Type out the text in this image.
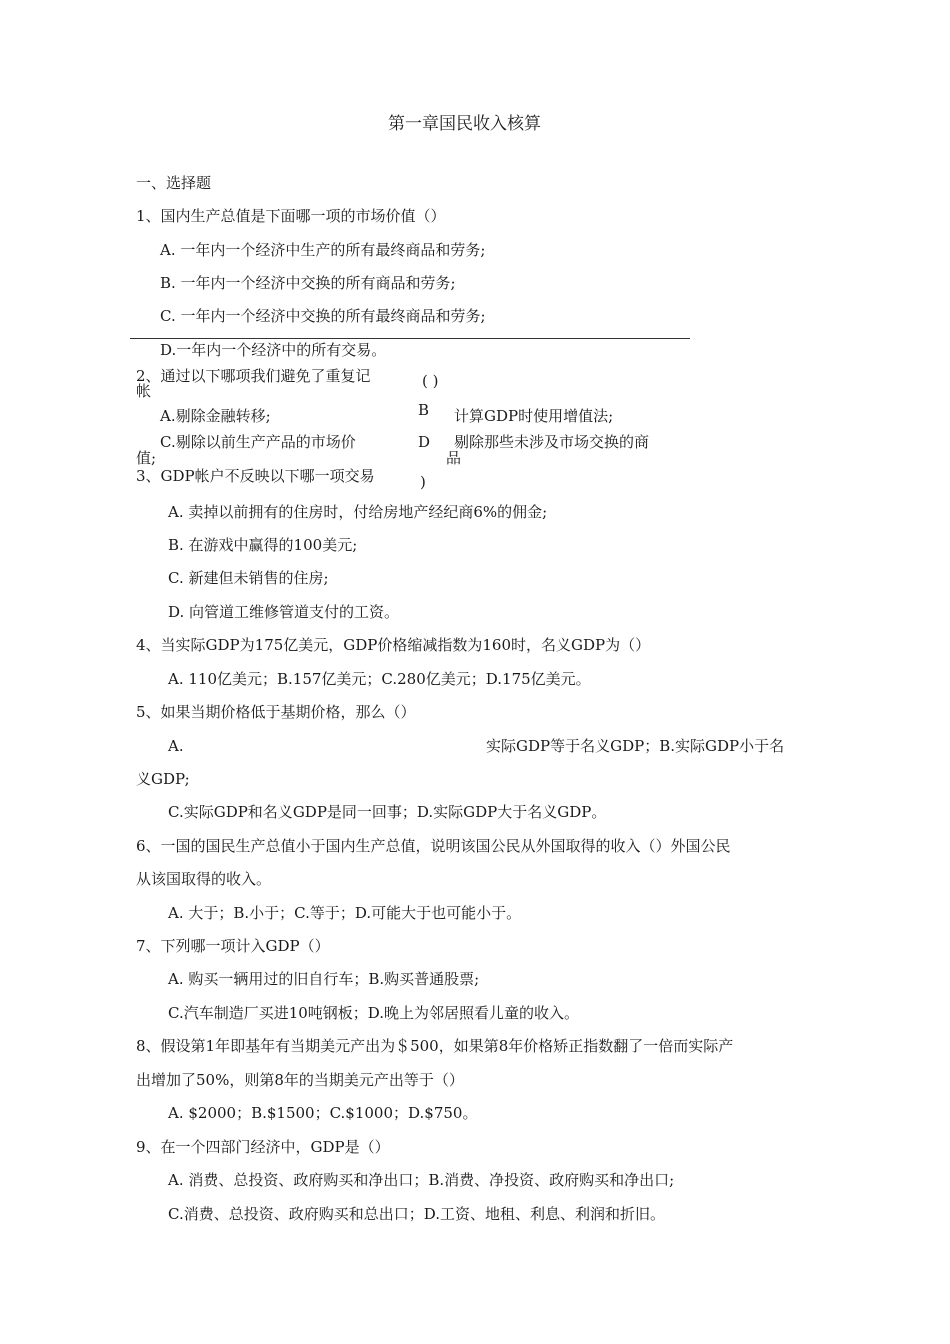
第一章国民收入核算
一、选择题
1、国内生产总值是下面哪一项的市场价值（）
A. 一年内一个经济中生产的所有最终商品和劳务;
B. 一年内一个经济中交换的所有商品和劳务;
C. 一年内一个经济中交换的所有最终商品和劳务;
D.一年内一个经济中的所有交易。
2、通过以下哪项我们避免了重复记	( )
帐
A.剔除金融转移;	B 计算GDP时使用增值法;
C.剔除以前生产产品的市场价
值;
D 剔除那些未涉及市场交换的商
品
3、GDP帐户不反映以下哪一项交易	)
A. 卖掉以前拥有的住房时，付给房地产经纪商6%的佣金;
B. 在游戏中赢得的100美元;
C. 新建但未销售的住房;
D. 向管道工维修管道支付的工资。
4、当实际GDP为175亿美元，GDP价格缩减指数为160时，名义GDP为（）
A. 110亿美元；B.157亿美元；C.280亿美元；D.175亿美元。
5、如果当期价格低于基期价格，那么（）
A.	实际GDP等于名义GDP；B.实际GDP小于名
义GDP;
C.实际GDP和名义GDP是同一回事；D.实际GDP大于名义GDP。
6、一国的国民生产总值小于国内生产总值，说明该国公民从外国取得的收入（）外国公民
从该国取得的收入。
A. 大于；B.小于；C.等于；D.可能大于也可能小于。
7、下列哪一项计入GDP（）
A. 购买一辆用过的旧自行车；B.购买普通股票;
C.汽车制造厂买进10吨钢板；D.晚上为邻居照看儿童的收入。
8、假设第1年即基年有当期美元产出为＄500，如果第8年价格矫正指数翻了一倍而实际产
出增加了50%，则第8年的当期美元产出等于（）
A. $2000；B.$1500；C.$1000；D.$750。
9、在一个四部门经济中，GDP是（）
A. 消费、总投资、政府购买和净出口；B.消费、净投资、政府购买和净出口;
C.消费、总投资、政府购买和总出口；D.工资、地租、利息、利润和折旧。
